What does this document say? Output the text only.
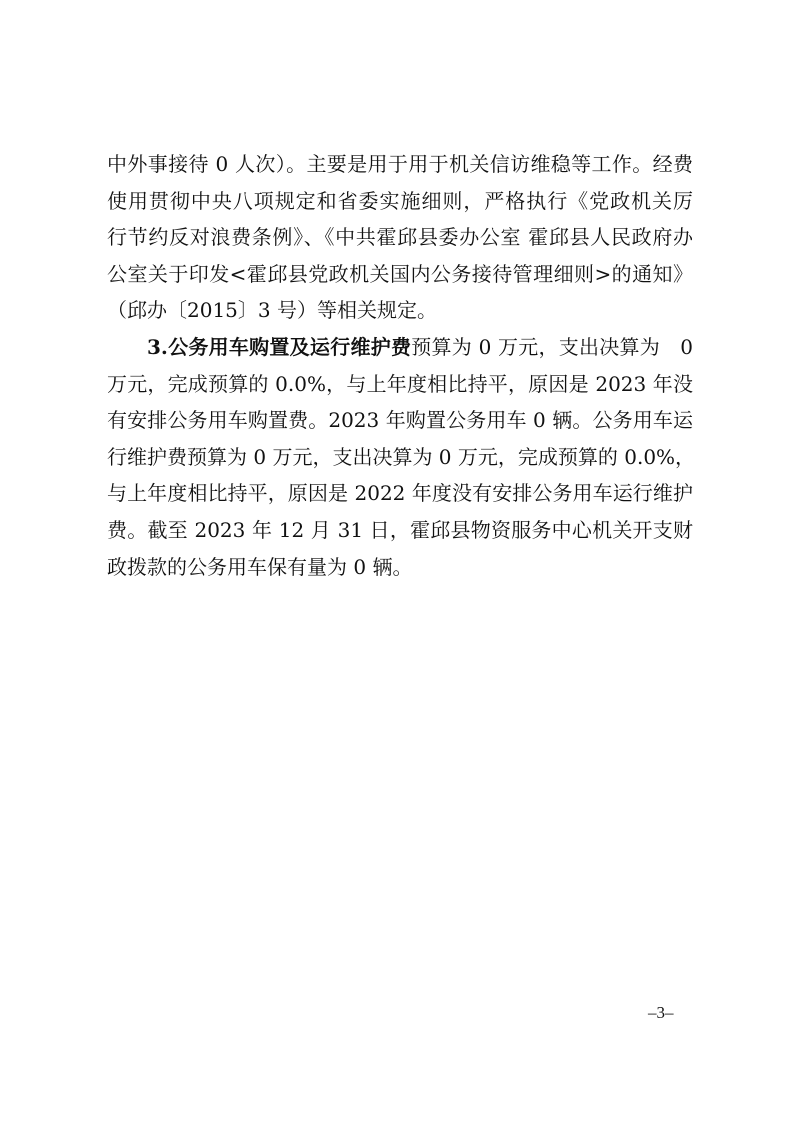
中外事接待 0 人次）。主要是用于用于机关信访维稳等工作。经费
使用贯彻中央八项规定和省委实施细则，严格执行《党政机关厉
行节约反对浪费条例》、《中共霍邱县委办公室 霍邱县人民政府办
公室关于印发<霍邱县党政机关国内公务接待管理细则>的通知》
（邱办〔2015〕3 号）等相关规定。
3.公务用车购置及运行维护费预算为 0 万元，支出决算为　0
万元，完成预算的 0.0%，与上年度相比持平，原因是 2023 年没
有安排公务用车购置费。2023 年购置公务用车 0 辆。公务用车运
行维护费预算为 0 万元，支出决算为 0 万元，完成预算的 0.0%，
与上年度相比持平，原因是 2022 年度没有安排公务用车运行维护
费。截至 2023 年 12 月 31 日，霍邱县物资服务中心机关开支财
政拨款的公务用车保有量为 0 辆。
–3–
